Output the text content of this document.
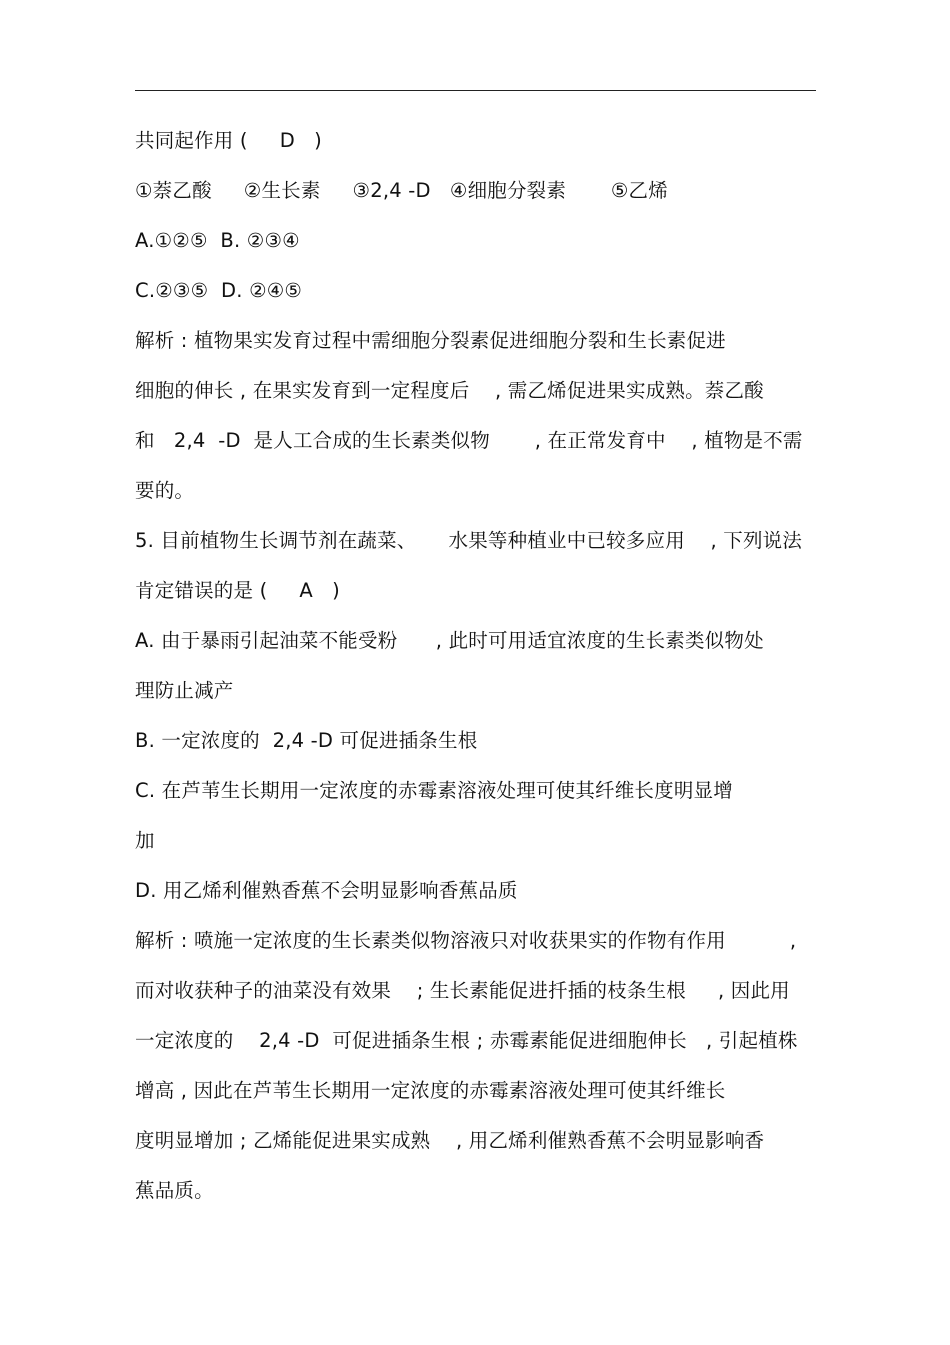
共同起作用 (     D   )
①萘乙酸     ②生长素     ③2,4 -D   ④细胞分裂素       ⑤乙烯
A.①②⑤  B. ②③④
C.②③⑤  D. ②④⑤
解析 : 植物果实发育过程中需细胞分裂素促进细胞分裂和生长素促进
细胞的伸长 , 在果实发育到一定程度后    , 需乙烯促进果实成熟。萘乙酸
和   2,4  -D  是人工合成的生长素类似物       , 在正常发育中    , 植物是不需
要的。
5. 目前植物生长调节剂在蔬菜、     水果等种植业中已较多应用    , 下列说法
肯定错误的是 (     A   )
A. 由于暴雨引起油菜不能受粉      , 此时可用适宜浓度的生长素类似物处
理防止减产
B. 一定浓度的  2,4 -D 可促进插条生根
C. 在芦苇生长期用一定浓度的赤霉素溶液处理可使其纤维长度明显增
加
D. 用乙烯利催熟香蕉不会明显影响香蕉品质
解析 : 喷施一定浓度的生长素类似物溶液只对收获果实的作物有作用          ,
而对收获种子的油菜没有效果    ; 生长素能促进扦插的枝条生根     , 因此用
一定浓度的    2,4 -D  可促进插条生根 ; 赤霉素能促进细胞伸长   , 引起植株
增高 , 因此在芦苇生长期用一定浓度的赤霉素溶液处理可使其纤维长
度明显增加 ; 乙烯能促进果实成熟    , 用乙烯利催熟香蕉不会明显影响香
蕉品质。
